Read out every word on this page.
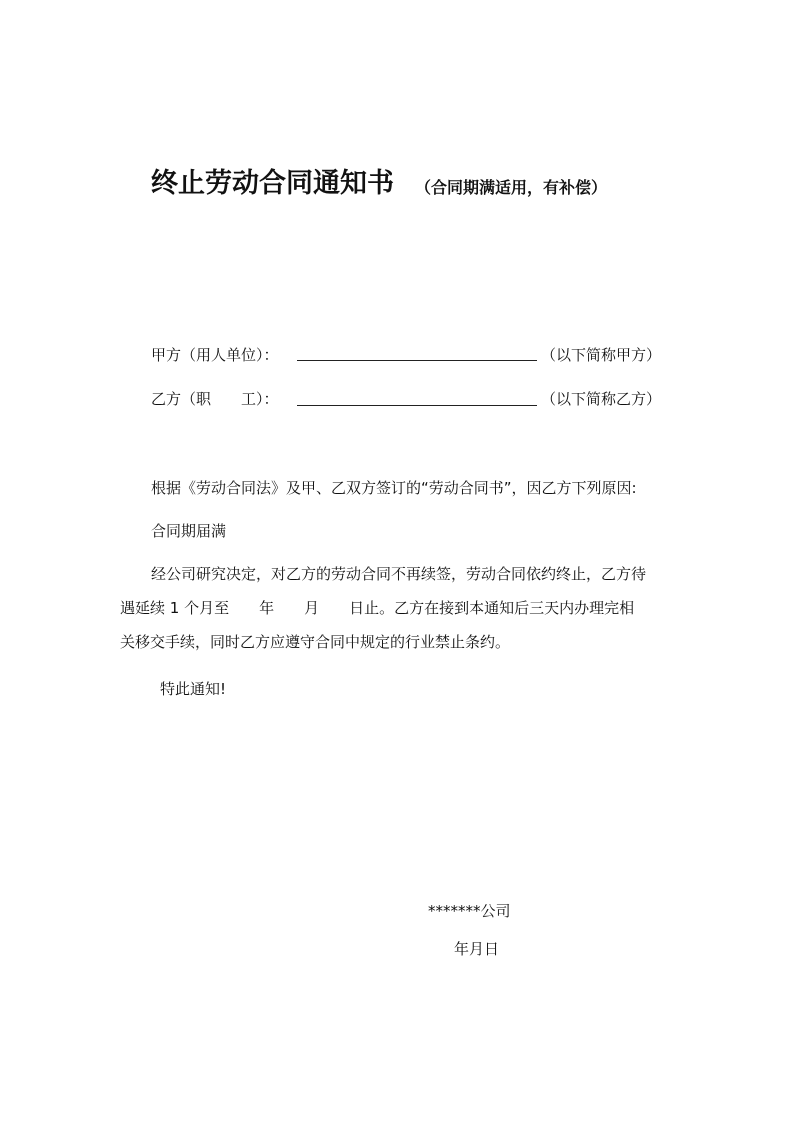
终止劳动合同通知书 （合同期满适用，有补偿）
甲方（用人单位）：	（以下简称甲方）
乙方（职　　工）：	（以下简称乙方）
根据《劳动合同法》及甲、乙双方签订的“劳动合同书”，因乙方下列原因:
合同期届满
经公司研究决定，对乙方的劳动合同不再续签，劳动合同依约终止，乙方待
遇延续 1 个月至　　年　　月　　日止。乙方在接到本通知后三天内办理完相
关移交手续，同时乙方应遵守合同中规定的行业禁止条约。
特此通知!
*******公司
年月日
